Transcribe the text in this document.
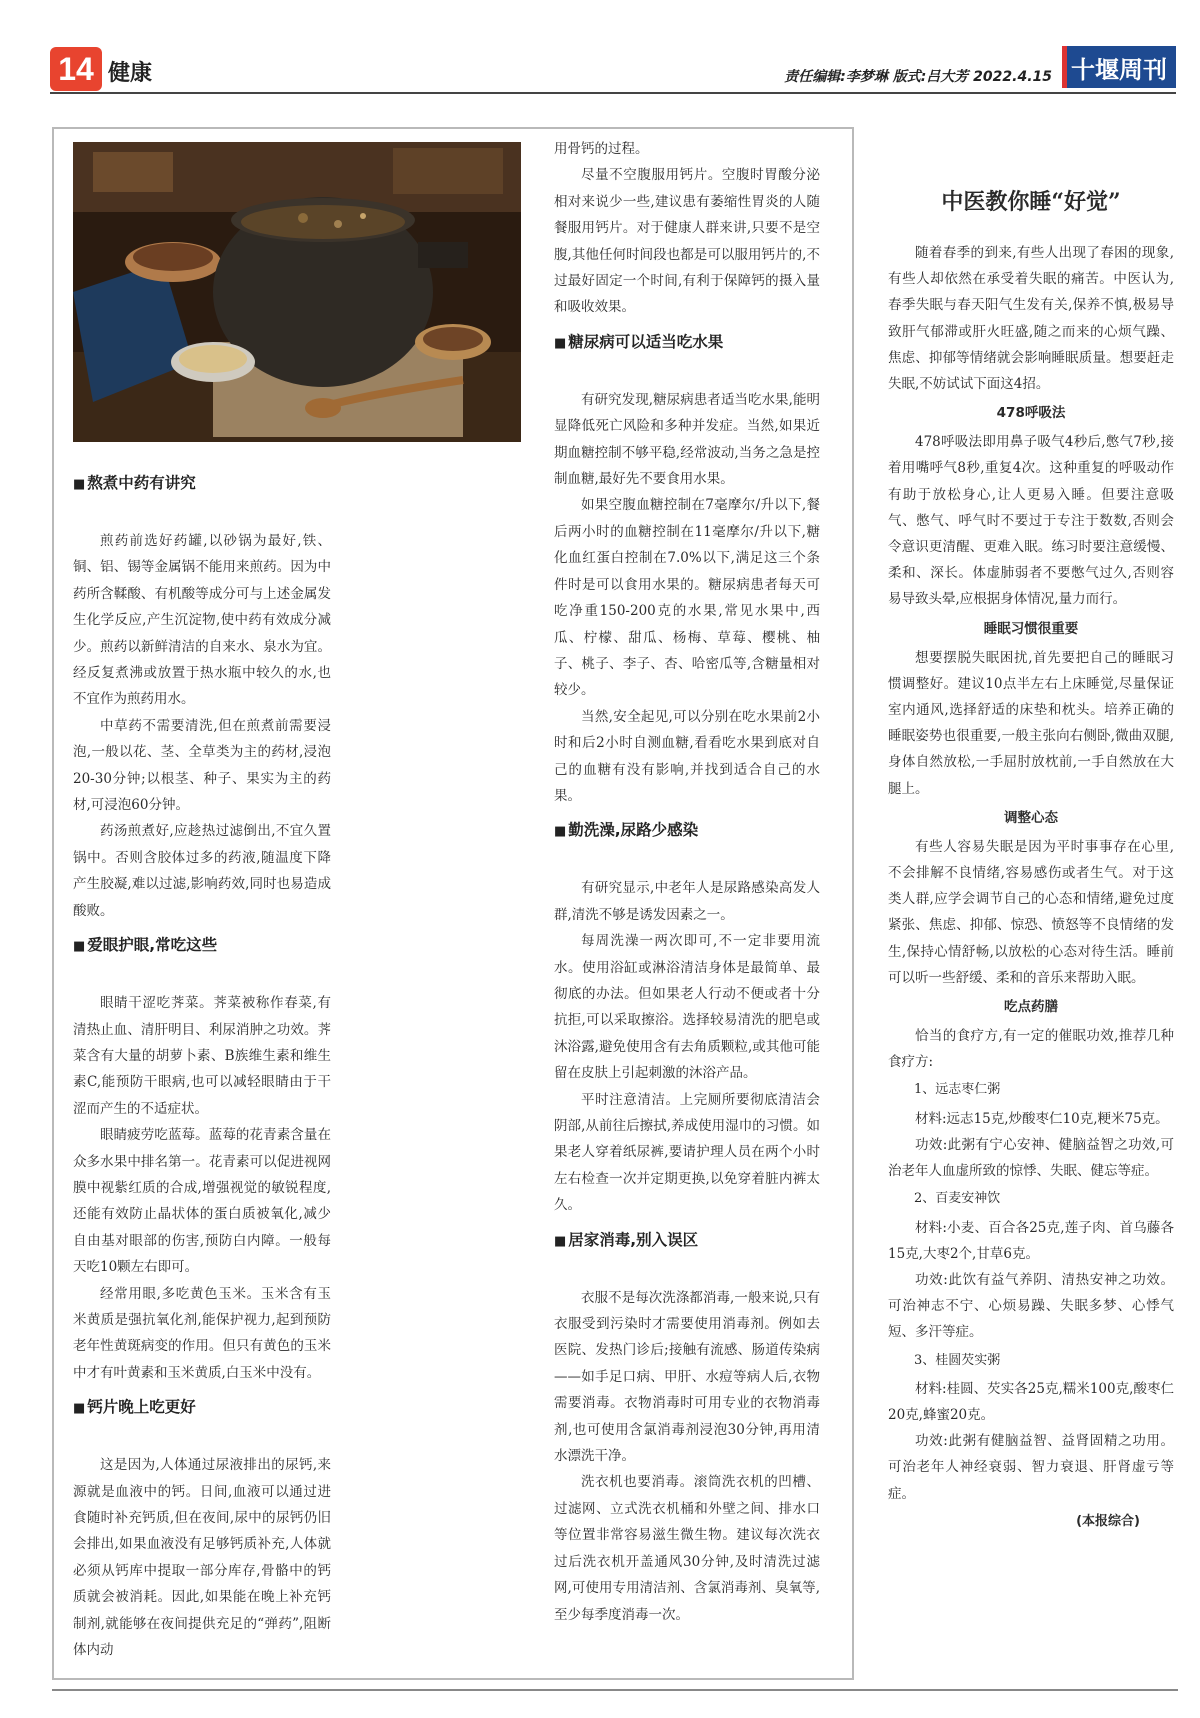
14 健康	责任编辑:李梦琳 版式:吕大芳 2022.4.15 十堰周刊
■ 熬煮中药有讲究

煎药前选好药罐,以砂锅为最好,铁、铜、铝、锡等金属锅不能用来煎药。因为中药所含鞣酸、有机酸等成分可与上述金属发生化学反应,产生沉淀物,使中药有效成分减少。煎药以新鲜清洁的自来水、泉水为宜。经反复煮沸或放置于热水瓶中较久的水,也不宜作为煎药用水。

中草药不需要清洗,但在煎煮前需要浸泡,一般以花、茎、全草类为主的药材,浸泡20-30分钟;以根茎、种子、果实为主的药材,可浸泡60分钟。

药汤煎煮好,应趁热过滤倒出,不宜久置锅中。否则含胶体过多的药液,随温度下降产生胶凝,难以过滤,影响药效,同时也易造成酸败。

■ 爱眼护眼,常吃这些

眼睛干涩吃荠菜。荠菜被称作春菜,有清热止血、清肝明目、利尿消肿之功效。荠菜含有大量的胡萝卜素、B族维生素和维生素C,能预防干眼病,也可以减轻眼睛由于干涩而产生的不适症状。

眼睛疲劳吃蓝莓。蓝莓的花青素含量在众多水果中排名第一。花青素可以促进视网膜中视紫红质的合成,增强视觉的敏锐程度,还能有效防止晶状体的蛋白质被氧化,减少自由基对眼部的伤害,预防白内障。一般每天吃10颗左右即可。

经常用眼,多吃黄色玉米。玉米含有玉米黄质是强抗氧化剂,能保护视力,起到预防老年性黄斑病变的作用。但只有黄色的玉米中才有叶黄素和玉米黄质,白玉米中没有。

■ 钙片晚上吃更好

这是因为,人体通过尿液排出的尿钙,来源就是血液中的钙。日间,血液可以通过进食随时补充钙质,但在夜间,尿中的尿钙仍旧会排出,如果血液没有足够钙质补充,人体就必须从钙库中提取一部分库存,骨骼中的钙质就会被消耗。因此,如果能在晚上补充钙制剂,就能够在夜间提供充足的“弹药”,阻断体内动

用骨钙的过程。

尽量不空腹服用钙片。空腹时胃酸分泌相对来说少一些,建议患有萎缩性胃炎的人随餐服用钙片。对于健康人群来讲,只要不是空腹,其他任何时间段也都是可以服用钙片的,不过最好固定一个时间,有利于保障钙的摄入量和吸收效果。

■ 糖尿病可以适当吃水果

有研究发现,糖尿病患者适当吃水果,能明显降低死亡风险和多种并发症。当然,如果近期血糖控制不够平稳,经常波动,当务之急是控制血糖,最好先不要食用水果。

如果空腹血糖控制在7毫摩尔/升以下,餐后两小时的血糖控制在11毫摩尔/升以下,糖化血红蛋白控制在7.0%以下,满足这三个条件时是可以食用水果的。糖尿病患者每天可吃净重150-200克的水果,常见水果中,西瓜、柠檬、甜瓜、杨梅、草莓、樱桃、柚子、桃子、李子、杏、哈密瓜等,含糖量相对较少。

当然,安全起见,可以分别在吃水果前2小时和后2小时自测血糖,看看吃水果到底对自己的血糖有没有影响,并找到适合自己的水果。

■ 勤洗澡,尿路少感染

有研究显示,中老年人是尿路感染高发人群,清洗不够是诱发因素之一。

每周洗澡一两次即可,不一定非要用流水。使用浴缸或淋浴清洁身体是最简单、最彻底的办法。但如果老人行动不便或者十分抗拒,可以采取擦浴。选择较易清洗的肥皂或沐浴露,避免使用含有去角质颗粒,或其他可能留在皮肤上引起刺激的沐浴产品。

平时注意清洁。上完厕所要彻底清洁会阴部,从前往后擦拭,养成使用湿巾的习惯。如果老人穿着纸尿裤,要请护理人员在两个小时左右检查一次并定期更换,以免穿着脏内裤太久。

■ 居家消毒,别入误区

衣服不是每次洗涤都消毒,一般来说,只有衣服受到污染时才需要使用消毒剂。例如去医院、发热门诊后;接触有流感、肠道传染病——如手足口病、甲肝、水痘等病人后,衣物需要消毒。衣物消毒时可用专业的衣物消毒剂,也可使用含氯消毒剂浸泡30分钟,再用清水漂洗干净。

洗衣机也要消毒。滚筒洗衣机的凹槽、过滤网、立式洗衣机桶和外壁之间、排水口等位置非常容易滋生微生物。建议每次洗衣过后洗衣机开盖通风30分钟,及时清洗过滤网,可使用专用清洁剂、含氯消毒剂、臭氧等,至少每季度消毒一次。

中医教你睡“好觉”

随着春季的到来,有些人出现了春困的现象,有些人却依然在承受着失眠的痛苦。中医认为,春季失眠与春天阳气生发有关,保养不慎,极易导致肝气郁滞或肝火旺盛,随之而来的心烦气躁、焦虑、抑郁等情绪就会影响睡眠质量。想要赶走失眠,不妨试试下面这4招。

478呼吸法

478呼吸法即用鼻子吸气4秒后,憋气7秒,接着用嘴呼气8秒,重复4次。这种重复的呼吸动作有助于放松身心,让人更易入睡。但要注意吸气、憋气、呼气时不要过于专注于数数,否则会令意识更清醒、更难入眠。练习时要注意缓慢、柔和、深长。体虚肺弱者不要憋气过久,否则容易导致头晕,应根据身体情况,量力而行。

睡眠习惯很重要

想要摆脱失眠困扰,首先要把自己的睡眠习惯调整好。建议10点半左右上床睡觉,尽量保证室内通风,选择舒适的床垫和枕头。培养正确的睡眠姿势也很重要,一般主张向右侧卧,微曲双腿,身体自然放松,一手屈肘放枕前,一手自然放在大腿上。

调整心态

有些人容易失眠是因为平时事事存在心里,不会排解不良情绪,容易感伤或者生气。对于这类人群,应学会调节自己的心态和情绪,避免过度紧张、焦虑、抑郁、惊恐、愤怒等不良情绪的发生,保持心情舒畅,以放松的心态对待生活。睡前可以听一些舒缓、柔和的音乐来帮助入眠。

吃点药膳

恰当的食疗方,有一定的催眠功效,推荐几种食疗方:

1、远志枣仁粥

材料:远志15克,炒酸枣仁10克,粳米75克。

功效:此粥有宁心安神、健脑益智之功效,可治老年人血虚所致的惊悸、失眠、健忘等症。

2、百麦安神饮

材料:小麦、百合各25克,莲子肉、首乌藤各15克,大枣2个,甘草6克。

功效:此饮有益气养阴、清热安神之功效。可治神志不宁、心烦易躁、失眠多梦、心悸气短、多汗等症。

3、桂圆芡实粥

材料:桂圆、芡实各25克,糯米100克,酸枣仁20克,蜂蜜20克。

功效:此粥有健脑益智、益肾固精之功用。可治老年人神经衰弱、智力衰退、肝肾虚亏等症。

(本报综合)
